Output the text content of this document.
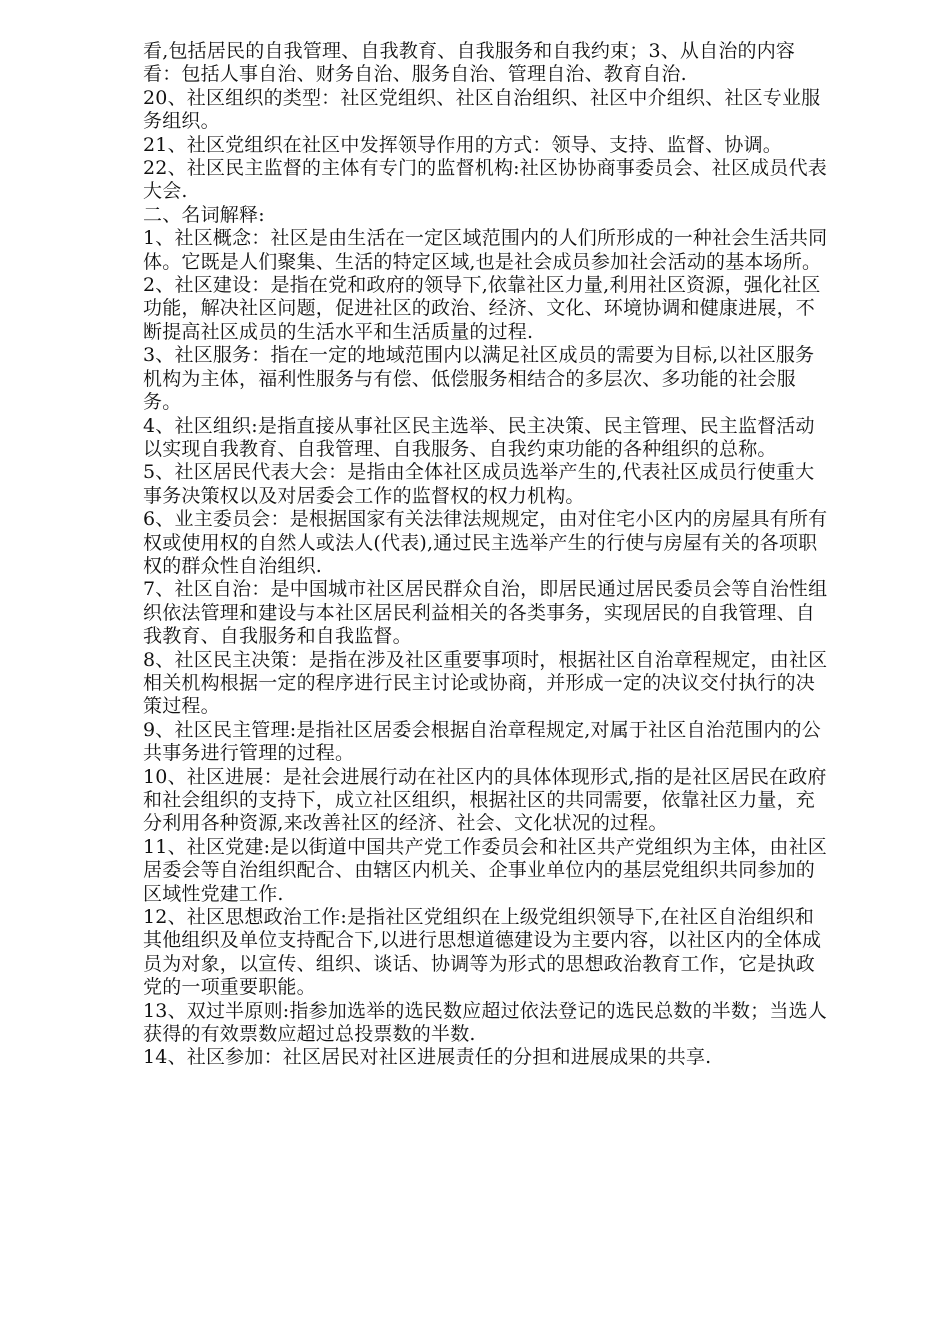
看,包括居民的自我管理、自我教育、自我服务和自我约束；3、从自治的内容看：包括人事自治、财务自治、服务自治、管理自治、教育自治.

20、社区组织的类型：社区党组织、社区自治组织、社区中介组织、社区专业服务组织。

21、社区党组织在社区中发挥领导作用的方式：领导、支持、监督、协调。

22、社区民主监督的主体有专门的监督机构:社区协协商事委员会、社区成员代表大会.

二、名词解释:

1、社区概念：社区是由生活在一定区域范围内的人们所形成的一种社会生活共同体。它既是人们聚集、生活的特定区域,也是社会成员参加社会活动的基本场所。

2、社区建设：是指在党和政府的领导下,依靠社区力量,利用社区资源，强化社区功能，解决社区问题，促进社区的政治、经济、文化、环境协调和健康进展，不断提高社区成员的生活水平和生活质量的过程.

3、社区服务：指在一定的地域范围内以满足社区成员的需要为目标,以社区服务机构为主体，福利性服务与有偿、低偿服务相结合的多层次、多功能的社会服务。

4、社区组织:是指直接从事社区民主选举、民主决策、民主管理、民主监督活动以实现自我教育、自我管理、自我服务、自我约束功能的各种组织的总称。

5、社区居民代表大会：是指由全体社区成员选举产生的,代表社区成员行使重大事务决策权以及对居委会工作的监督权的权力机构。

6、业主委员会：是根据国家有关法律法规规定，由对住宅小区内的房屋具有所有权或使用权的自然人或法人(代表),通过民主选举产生的行使与房屋有关的各项职权的群众性自治组织.

7、社区自治：是中国城市社区居民群众自治，即居民通过居民委员会等自治性组织依法管理和建设与本社区居民利益相关的各类事务，实现居民的自我管理、自我教育、自我服务和自我监督。

8、社区民主决策：是指在涉及社区重要事项时，根据社区自治章程规定，由社区相关机构根据一定的程序进行民主讨论或协商，并形成一定的决议交付执行的决策过程。

9、社区民主管理:是指社区居委会根据自治章程规定,对属于社区自治范围内的公共事务进行管理的过程。

10、社区进展：是社会进展行动在社区内的具体体现形式,指的是社区居民在政府和社会组织的支持下，成立社区组织，根据社区的共同需要，依靠社区力量，充分利用各种资源,来改善社区的经济、社会、文化状况的过程。

11、社区党建:是以街道中国共产党工作委员会和社区共产党组织为主体，由社区居委会等自治组织配合、由辖区内机关、企事业单位内的基层党组织共同参加的区域性党建工作.

12、社区思想政治工作:是指社区党组织在上级党组织领导下,在社区自治组织和其他组织及单位支持配合下,以进行思想道德建设为主要内容，以社区内的全体成员为对象，以宣传、组织、谈话、协调等为形式的思想政治教育工作，它是执政党的一项重要职能。

13、双过半原则:指参加选举的选民数应超过依法登记的选民总数的半数；当选人获得的有效票数应超过总投票数的半数.

14、社区参加：社区居民对社区进展责任的分担和进展成果的共享.
